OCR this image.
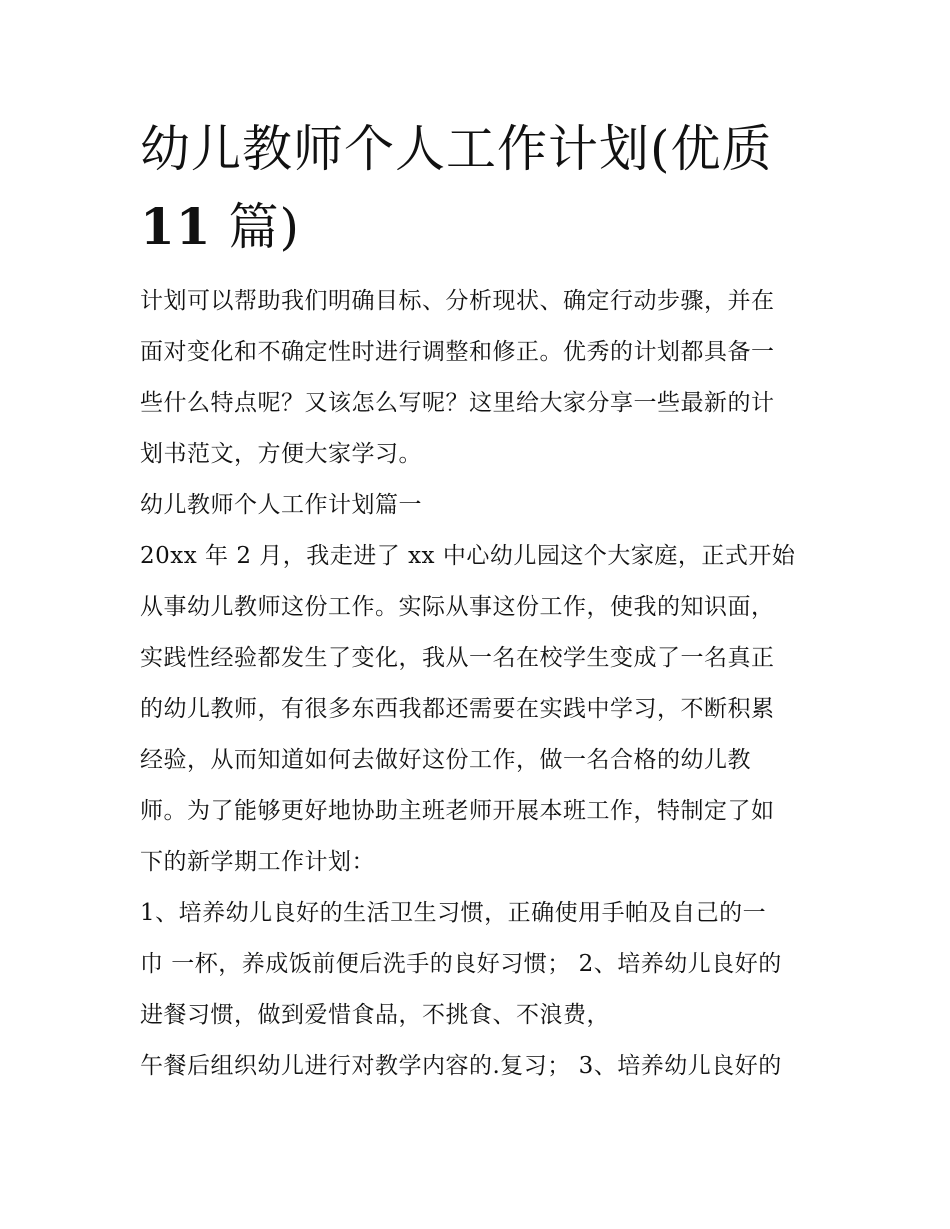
幼儿教师个人工作计划(优质
11 篇)

计划可以帮助我们明确目标、分析现状、确定行动步骤，并在
面对变化和不确定性时进行调整和修正。优秀的计划都具备一
些什么特点呢？又该怎么写呢？这里给大家分享一些最新的计
划书范文，方便大家学习。

幼儿教师个人工作计划篇一

20xx 年 2 月，我走进了 xx 中心幼儿园这个大家庭，正式开始
从事幼儿教师这份工作。实际从事这份工作，使我的知识面，
实践性经验都发生了变化，我从一名在校学生变成了一名真正
的幼儿教师，有很多东西我都还需要在实践中学习，不断积累
经验，从而知道如何去做好这份工作，做一名合格的幼儿教
师。为了能够更好地协助主班老师开展本班工作，特制定了如
下的新学期工作计划：

1、培养幼儿良好的生活卫生习惯，正确使用手帕及自己的一
巾 一杯，养成饭前便后洗手的良好习惯； 2、培养幼儿良好的
进餐习惯，做到爱惜食品，不挑食、不浪费，
午餐后组织幼儿进行对教学内容的.复习； 3、培养幼儿良好的
